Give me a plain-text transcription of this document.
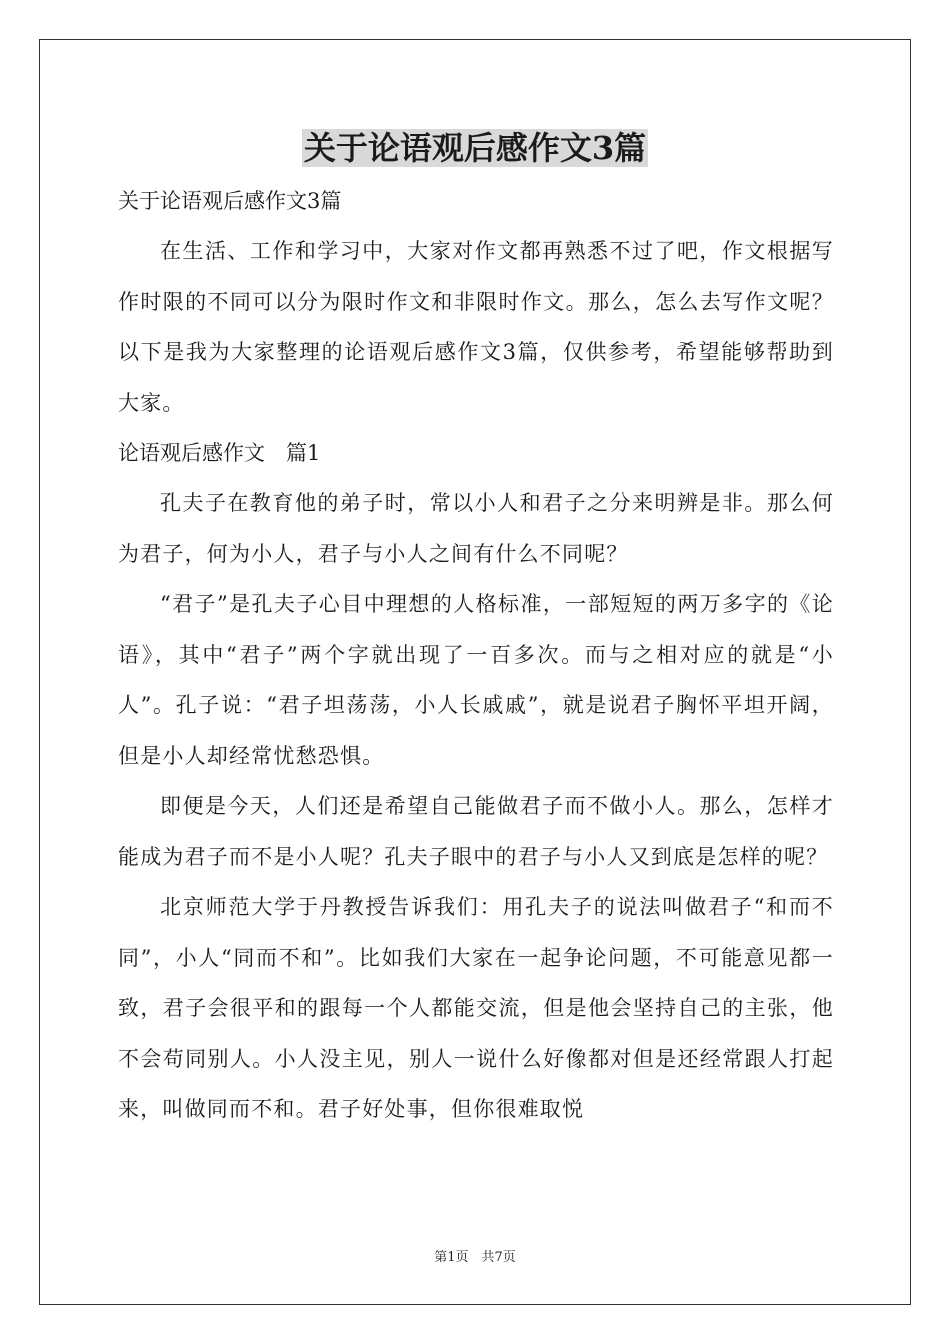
关于论语观后感作文3篇

关于论语观后感作文3篇

在生活、工作和学习中，大家对作文都再熟悉不过了吧，作文根据写作时限的不同可以分为限时作文和非限时作文。那么，怎么去写作文呢？以下是我为大家整理的论语观后感作文3篇，仅供参考，希望能够帮助到大家。

论语观后感作文　篇1

孔夫子在教育他的弟子时，常以小人和君子之分来明辨是非。那么何为君子，何为小人，君子与小人之间有什么不同呢？

“君子”是孔夫子心目中理想的人格标准，一部短短的两万多字的《论语》，其中“君子”两个字就出现了一百多次。而与之相对应的就是“小人”。孔子说：“君子坦荡荡，小人长戚戚”，就是说君子胸怀平坦开阔，但是小人却经常忧愁恐惧。

即便是今天，人们还是希望自己能做君子而不做小人。那么，怎样才能成为君子而不是小人呢？孔夫子眼中的君子与小人又到底是怎样的呢？

北京师范大学于丹教授告诉我们：用孔夫子的说法叫做君子“和而不同”，小人“同而不和”。比如我们大家在一起争论问题，不可能意见都一致，君子会很平和的跟每一个人都能交流，但是他会坚持自己的主张，他不会苟同别人。小人没主见，别人一说什么好像都对但是还经常跟人打起来，叫做同而不和。君子好处事，但你很难取悦

第1页　共7页
